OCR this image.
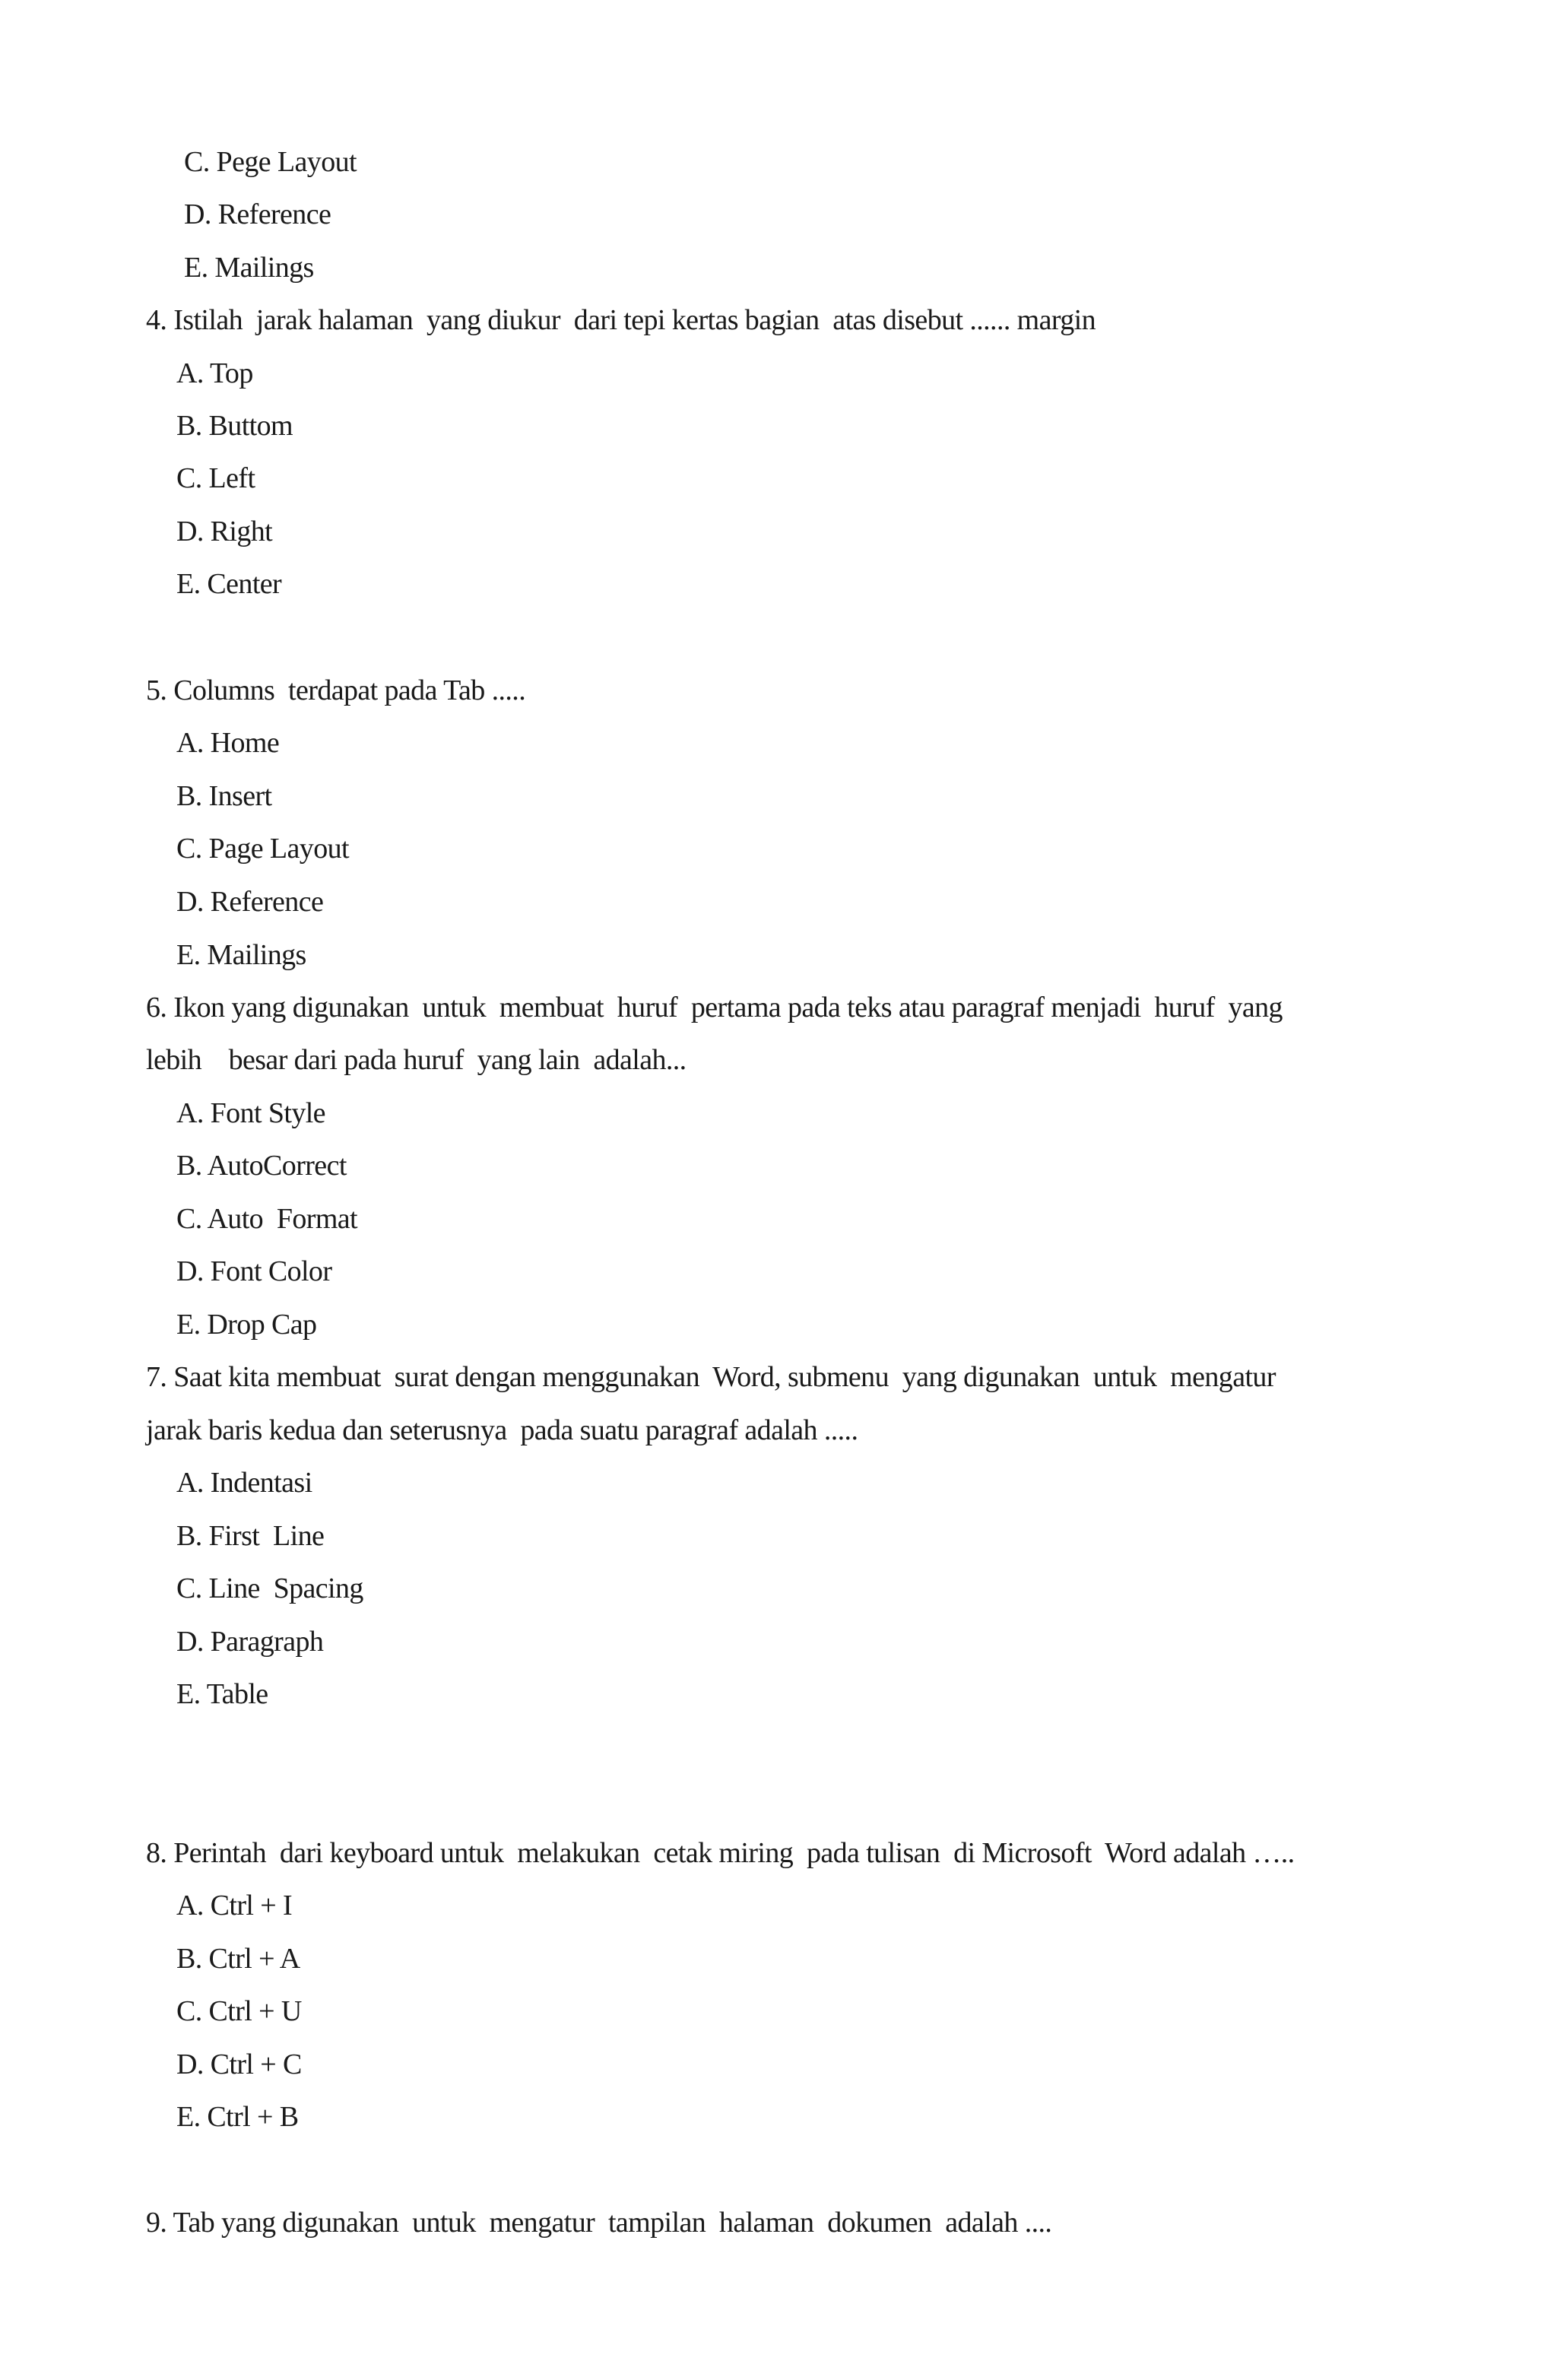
C. Pege Layout
D. Reference
E. Mailings
4. Istilah  jarak halaman  yang diukur  dari tepi kertas bagian  atas disebut ...... margin
A. Top
B. Buttom
C. Left
D. Right
E. Center
5. Columns  terdapat pada Tab .....
A. Home
B. Insert
C. Page Layout
D. Reference
E. Mailings
6. Ikon yang digunakan  untuk  membuat  huruf  pertama pada teks atau paragraf menjadi  huruf  yang
lebih    besar dari pada huruf  yang lain  adalah...
A. Font Style
B. AutoCorrect
C. Auto  Format
D. Font Color
E. Drop Cap
7. Saat kita membuat  surat dengan menggunakan  Word, submenu  yang digunakan  untuk  mengatur
jarak baris kedua dan seterusnya  pada suatu paragraf adalah .....
A. Indentasi
B. First  Line
C. Line  Spacing
D. Paragraph
E. Table
8. Perintah  dari keyboard untuk  melakukan  cetak miring  pada tulisan  di Microsoft  Word adalah …..
A. Ctrl + I
B. Ctrl + A
C. Ctrl + U
D. Ctrl + C
E. Ctrl + B
9. Tab yang digunakan  untuk  mengatur  tampilan  halaman  dokumen  adalah ....
